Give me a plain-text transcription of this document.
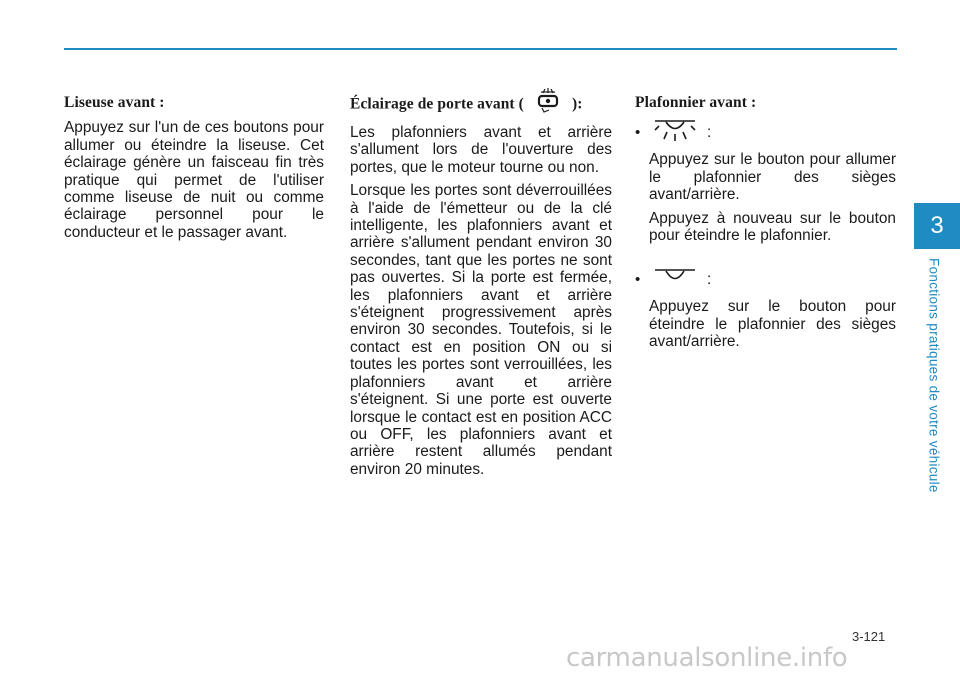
Liseuse avant :

Appuyez sur l'un de ces boutons pour allumer ou éteindre la liseuse. Cet éclairage génère un faisceau fin très pratique qui permet de l'utiliser comme liseuse de nuit ou comme éclairage personnel pour le conducteur et le passager avant.

Éclairage de porte avant (	):

Les plafonniers avant et arrière s'allument lors de l'ouverture des portes, que le moteur tourne ou non.

Lorsque les portes sont déverrouillées à l'aide de l'émetteur ou de la clé intelligente, les plafonniers avant et arrière s'allument pendant environ 30 secondes, tant que les portes ne sont pas ouvertes. Si la porte est fermée, les plafonniers avant et arrière s'éteignent progressivement après environ 30 secondes. Toutefois, si le contact est en position ON ou si toutes les portes sont verrouillées, les plafonniers avant et arrière s'éteignent. Si une porte est ouverte lorsque le contact est en position ACC ou OFF, les plafonniers avant et arrière restent allumés pendant environ 20 minutes.

Plafonnier avant :
•	:

Appuyez sur le bouton pour allumer le plafonnier des sièges avant/arrière.

Appuyez à nouveau sur le bouton pour éteindre le plafonnier.

•	:

Appuyez sur le bouton pour éteindre le plafonnier des sièges avant/arrière.

3
Fonctions pratiques de votre véhicule
3-121
carmanualsonline.info
